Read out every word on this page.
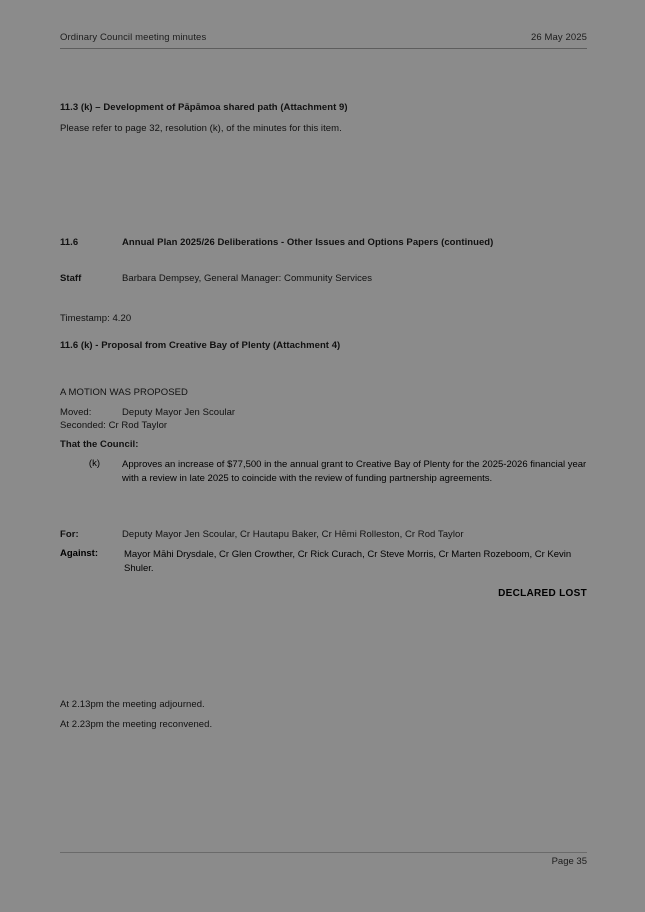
Ordinary Council meeting minutes	26 May 2025
11.3 (k) – Development of Pāpāmoa shared path (Attachment 9)
Please refer to page 32, resolution (k), of the minutes for this item.
11.6	Annual Plan 2025/26 Deliberations - Other Issues and Options Papers (continued)
Staff	Barbara Dempsey, General Manager: Community Services
Timestamp: 4.20
11.6 (k) - Proposal from Creative Bay of Plenty (Attachment 4)
A MOTION WAS PROPOSED
Moved:	Deputy Mayor Jen Scoular
Seconded: Cr Rod Taylor
That the Council:
(k)	Approves an increase of $77,500 in the annual grant to Creative Bay of Plenty for the 2025-2026 financial year with a review in late 2025 to coincide with the review of funding partnership agreements.
For:	Deputy Mayor Jen Scoular, Cr Hautapu Baker, Cr Hēmi Rolleston, Cr Rod Taylor
Against:	Mayor Māhi Drysdale, Cr Glen Crowther, Cr Rick Curach, Cr Steve Morris, Cr Marten Rozeboom, Cr Kevin Shuler.
DECLARED LOST
At 2.13pm the meeting adjourned.
At 2.23pm the meeting reconvened.
Page 35
